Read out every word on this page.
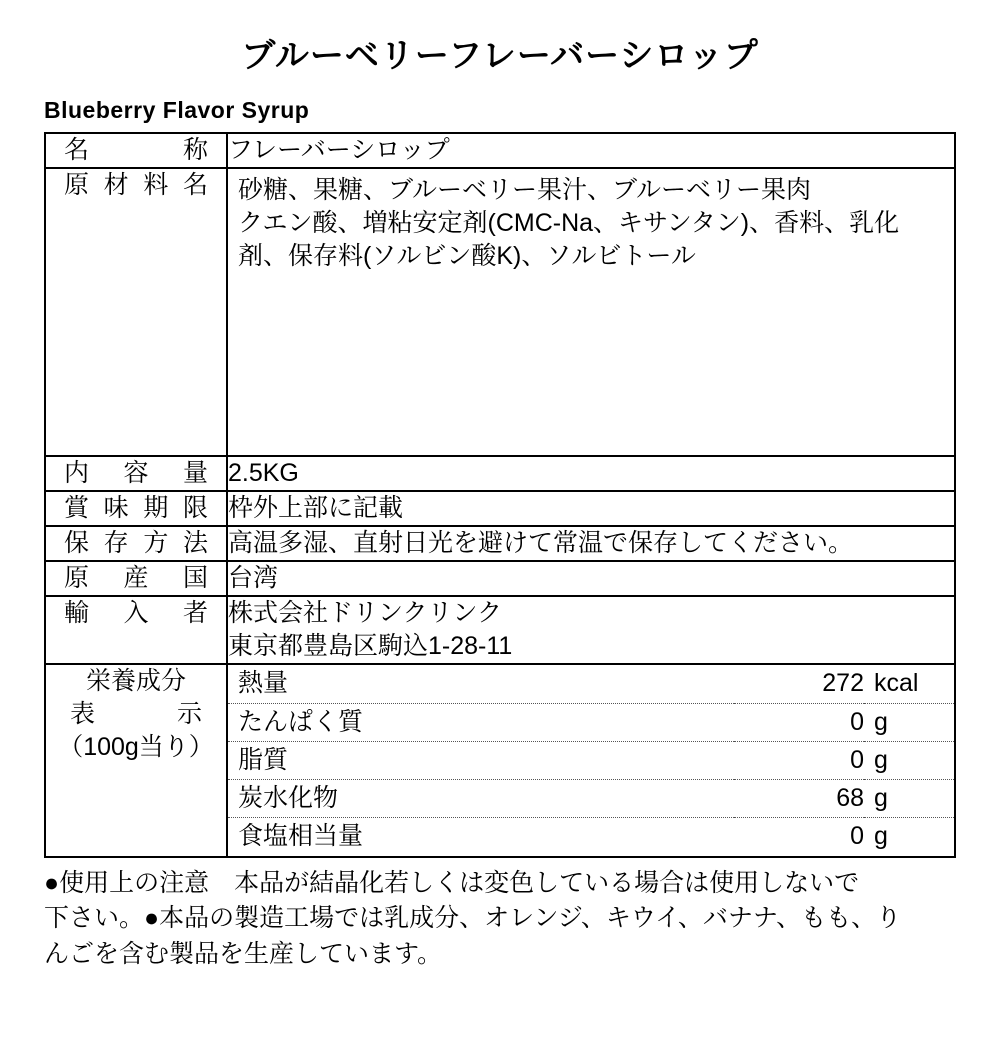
ブルーベリーフレーバーシロップ
Blueberry Flavor Syrup
名称	フレーバーシロップ

原材料名	砂糖、果糖、ブルーベリー果汁、ブルーベリー果肉
クエン酸、増粘安定剤(CMC-Na、キサンタン)、香料、乳化
剤、保存料(ソルビン酸K)、ソルビトール

内容量	2.5KG

賞味期限	枠外上部に記載

保存方法	高温多湿、直射日光を避けて常温で保存してください。

原産国	台湾

輸入者	株式会社ドリンクリンク
東京都豊島区駒込1-28-11

栄養成分
表　示
（100g当り）

熱量	272	kcal
たんぱく質	0	g
脂質	0	g
炭水化物	68	g
食塩相当量	0	g
●使用上の注意　本品が結晶化若しくは変色している場合は使用しないで
下さい。●本品の製造工場では乳成分、オレンジ、キウイ、バナナ、もも、り
んごを含む製品を生産しています。
